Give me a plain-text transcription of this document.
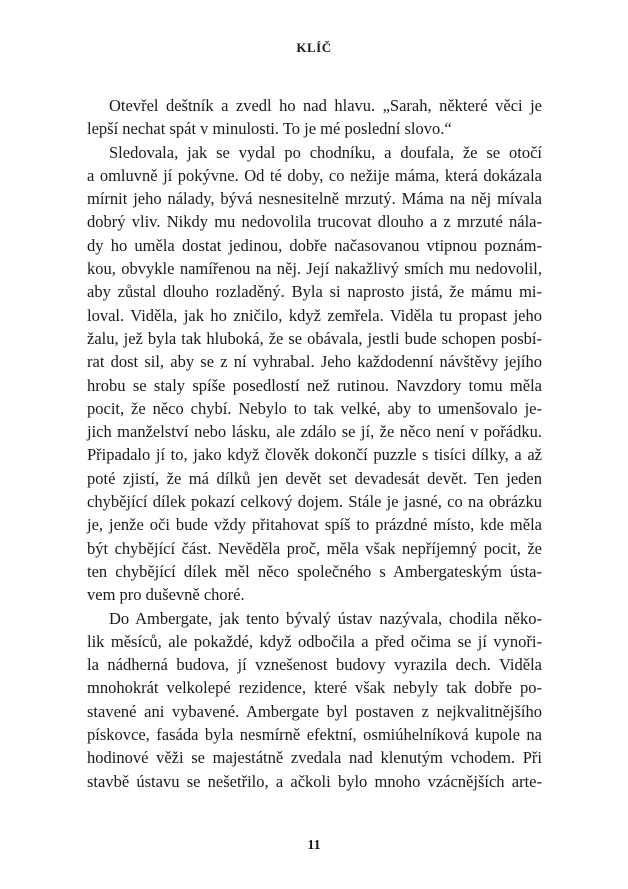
KLÍČ
Otevřel deštník a zvedl ho nad hlavu. „Sarah, některé věci je
lepší nechat spát v minulosti. To je mé poslední slovo.“
Sledovala, jak se vydal po chodníku, a doufala, že se otočí
a omluvně jí pokývne. Od té doby, co nežije máma, která dokázala
mírnit jeho nálady, bývá nesnesitelně mrzutý. Máma na něj mívala
dobrý vliv. Nikdy mu nedovolila trucovat dlouho a z mrzuté nála-
dy ho uměla dostat jedinou, dobře načasovanou vtipnou poznám-
kou, obvykle namířenou na něj. Její nakažlivý smích mu nedovolil,
aby zůstal dlouho rozladěný. Byla si naprosto jistá, že mámu mi-
loval. Viděla, jak ho zničilo, když zemřela. Viděla tu propast jeho
žalu, jež byla tak hluboká, že se obávala, jestli bude schopen posbí-
rat dost sil, aby se z ní vyhrabal. Jeho každodenní návštěvy jejího
hrobu se staly spíše posedlostí než rutinou. Navzdory tomu měla
pocit, že něco chybí. Nebylo to tak velké, aby to umenšovalo je-
jich manželství nebo lásku, ale zdálo se jí, že něco není v pořádku.
Připadalo jí to, jako když člověk dokončí puzzle s tisíci dílky, a až
poté zjistí, že má dílků jen devět set devadesát devět. Ten jeden
chybějící dílek pokazí celkový dojem. Stále je jasné, co na obrázku
je, jenže oči bude vždy přitahovat spíš to prázdné místo, kde měla
být chybějící část. Nevěděla proč, měla však nepříjemný pocit, že
ten chybějící dílek měl něco společného s Ambergateským ústa-
vem pro duševně choré.
Do Ambergate, jak tento bývalý ústav nazývala, chodila něko-
lik měsíců, ale pokaždé, když odbočila a před očima se jí vynoři-
la nádherná budova, jí vznešenost budovy vyrazila dech. Viděla
mnohokrát velkolepé rezidence, které však nebyly tak dobře po-
stavené ani vybavené. Ambergate byl postaven z nejkvalitnějšího
pískovce, fasáda byla nesmírně efektní, osmiúhelníková kupole na
hodinové věži se majestátně zvedala nad klenutým vchodem. Při
stavbě ústavu se nešetřilo, a ačkoli bylo mnoho vzácnějších arte-
11
